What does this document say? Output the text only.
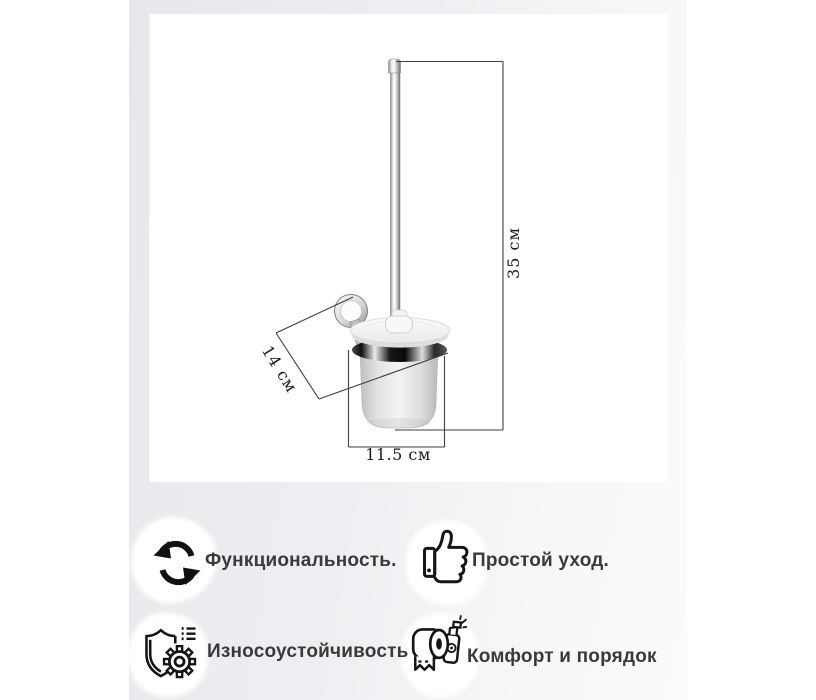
35 см
14 см
11.5 см
Функциональность.	Простой уход.
Износоустойчивость	Комфорт и порядок
